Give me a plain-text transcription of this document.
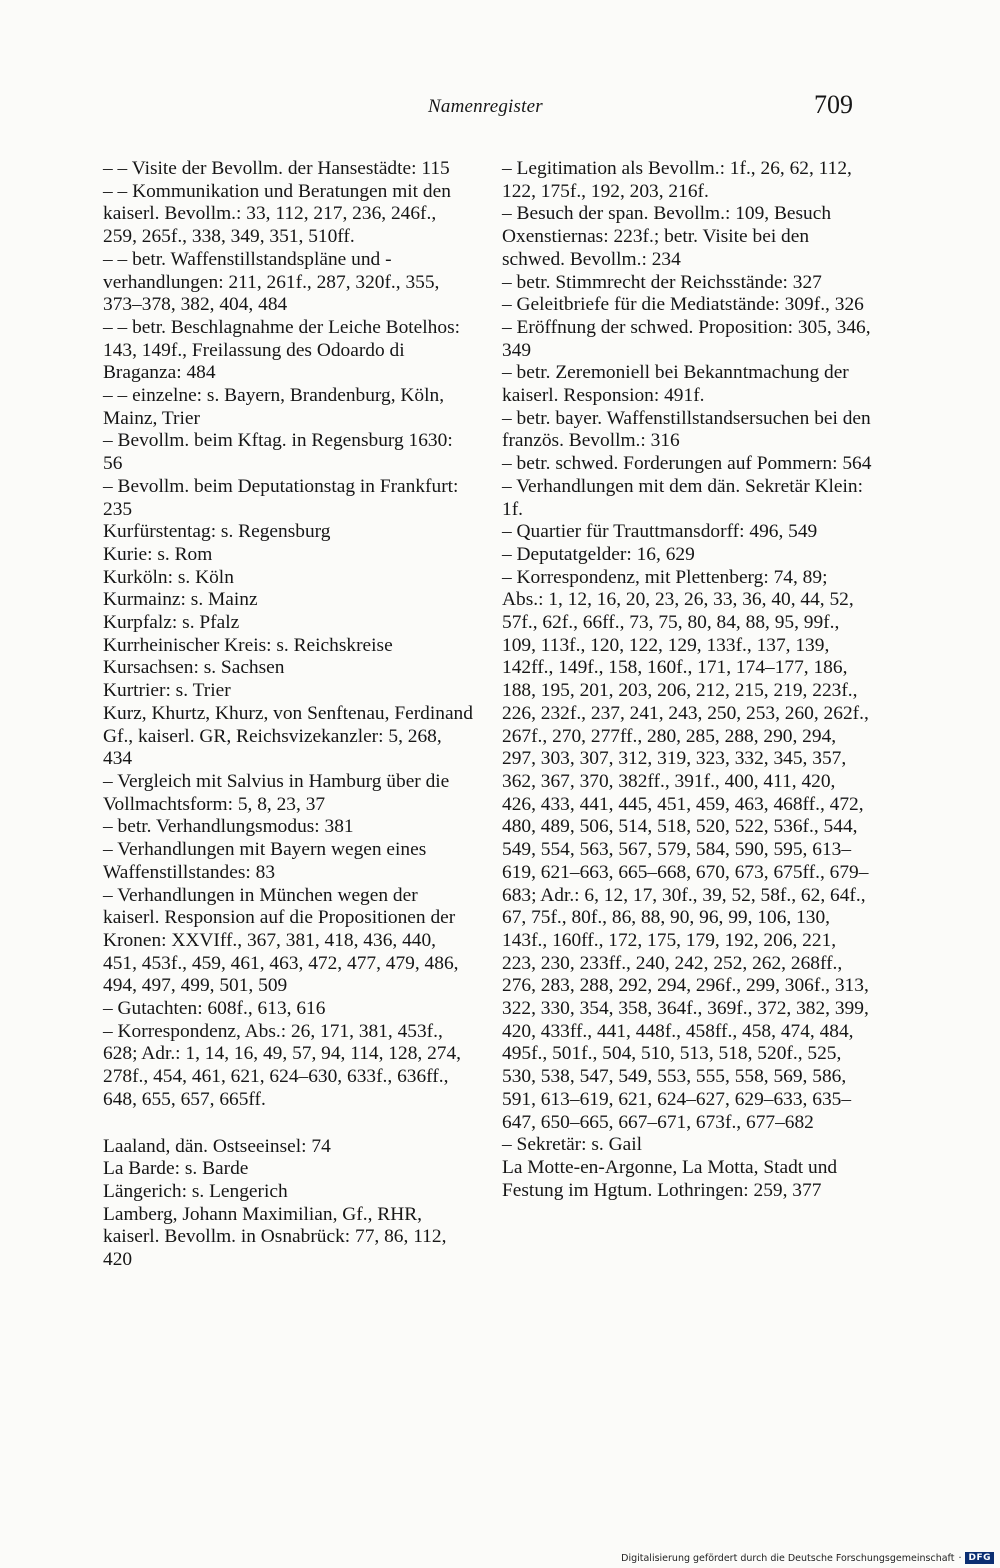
Namenregister	709

– – Visite der Bevollm. der Hansestädte: 115

– – Kommunikation und Beratungen mit den kaiserl. Bevollm.: 33, 112, 217, 236, 246f., 259, 265f., 338, 349, 351, 510ff.

– – betr. Waffenstillstandspläne und -verhandlungen: 211, 261f., 287, 320f., 355, 373–378, 382, 404, 484

– – betr. Beschlagnahme der Leiche Botelhos: 143, 149f., Freilassung des Odoardo di Braganza: 484

– – einzelne: s. Bayern, Brandenburg, Köln, Mainz, Trier

– Bevollm. beim Kftag. in Regensburg 1630: 56

– Bevollm. beim Deputationstag in Frankfurt: 235

Kurfürstentag: s. Regensburg

Kurie: s. Rom

Kurköln: s. Köln

Kurmainz: s. Mainz

Kurpfalz: s. Pfalz

Kurrheinischer Kreis: s. Reichskreise

Kursachsen: s. Sachsen

Kurtrier: s. Trier

Kurz, Khurtz, Khurz, von Senftenau, Ferdinand Gf., kaiserl. GR, Reichsvizekanzler: 5, 268, 434

– Vergleich mit Salvius in Hamburg über die Vollmachtsform: 5, 8, 23, 37

– betr. Verhandlungsmodus: 381

– Verhandlungen mit Bayern wegen eines Waffenstillstandes: 83

– Verhandlungen in München wegen der kaiserl. Responsion auf die Propositionen der Kronen: XXVIff., 367, 381, 418, 436, 440, 451, 453f., 459, 461, 463, 472, 477, 479, 486, 494, 497, 499, 501, 509

– Gutachten: 608f., 613, 616

– Korrespondenz, Abs.: 26, 171, 381, 453f., 628; Adr.: 1, 14, 16, 49, 57, 94, 114, 128, 274, 278f., 454, 461, 621, 624–630, 633f., 636ff., 648, 655, 657, 665ff.

Laaland, dän. Ostseeinsel: 74

La Barde: s. Barde

Längerich: s. Lengerich

Lamberg, Johann Maximilian, Gf., RHR, kaiserl. Bevollm. in Osnabrück: 77, 86, 112, 420

– Legitimation als Bevollm.: 1f., 26, 62, 112, 122, 175f., 192, 203, 216f.

– Besuch der span. Bevollm.: 109, Besuch Oxenstiernas: 223f.; betr. Visite bei den schwed. Bevollm.: 234

– betr. Stimmrecht der Reichsstände: 327

– Geleitbriefe für die Mediatstände: 309f., 326

– Eröffnung der schwed. Proposition: 305, 346, 349

– betr. Zeremoniell bei Bekanntmachung der kaiserl. Responsion: 491f.

– betr. bayer. Waffenstillstandsersuchen bei den französ. Bevollm.: 316

– betr. schwed. Forderungen auf Pommern: 564

– Verhandlungen mit dem dän. Sekretär Klein: 1f.

– Quartier für Trauttmansdorff: 496, 549

– Deputatgelder: 16, 629

– Korrespondenz, mit Plettenberg: 74, 89; Abs.: 1, 12, 16, 20, 23, 26, 33, 36, 40, 44, 52, 57f., 62f., 66ff., 73, 75, 80, 84, 88, 95, 99f., 109, 113f., 120, 122, 129, 133f., 137, 139, 142ff., 149f., 158, 160f., 171, 174–177, 186, 188, 195, 201, 203, 206, 212, 215, 219, 223f., 226, 232f., 237, 241, 243, 250, 253, 260, 262f., 267f., 270, 277ff., 280, 285, 288, 290, 294, 297, 303, 307, 312, 319, 323, 332, 345, 357, 362, 367, 370, 382ff., 391f., 400, 411, 420, 426, 433, 441, 445, 451, 459, 463, 468ff., 472, 480, 489, 506, 514, 518, 520, 522, 536f., 544, 549, 554, 563, 567, 579, 584, 590, 595, 613–619, 621–663, 665–668, 670, 673, 675ff., 679–683; Adr.: 6, 12, 17, 30f., 39, 52, 58f., 62, 64f., 67, 75f., 80f., 86, 88, 90, 96, 99, 106, 130, 143f., 160ff., 172, 175, 179, 192, 206, 221, 223, 230, 233ff., 240, 242, 252, 262, 268ff., 276, 283, 288, 292, 294, 296f., 299, 306f., 313, 322, 330, 354, 358, 364f., 369f., 372, 382, 399, 420, 433ff., 441, 448f., 458ff., 458, 474, 484, 495f., 501f., 504, 510, 513, 518, 520f., 525, 530, 538, 547, 549, 553, 555, 558, 569, 586, 591, 613–619, 621, 624–627, 629–633, 635–647, 650–665, 667–671, 673f., 677–682

– Sekretär: s. Gail

La Motte-en-Argonne, La Motta, Stadt und Festung im Hgtum. Lothringen: 259, 377

Digitalisierung gefördert durch die Deutsche Forschungsgemeinschaft · DFG
